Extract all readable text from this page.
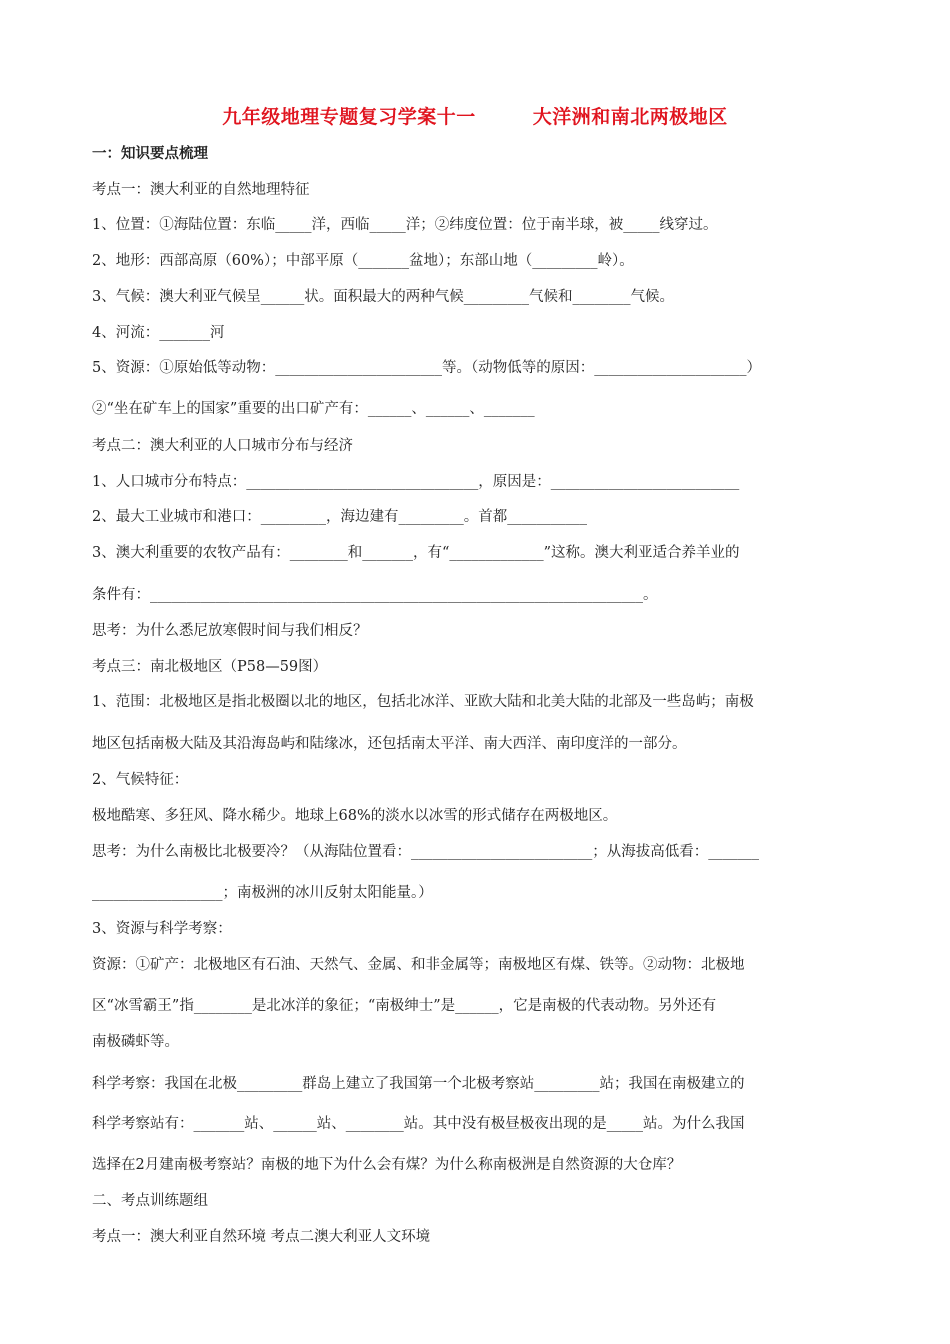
九年级地理专题复习学案十一        大洋洲和南北两极地区
一：知识要点梳理
考点一：澳大利亚的自然地理特征
1、位置：①海陆位置：东临_____洋，西临_____洋；②纬度位置：位于南半球，被_____线穿过。
2、地形：西部高原（60%）；中部平原（_______盆地）；东部山地（_________岭）。
3、气候：澳大利亚气候呈______状。面积最大的两种气候_________气候和________气候。
4、河流：_______河
5、资源：①原始低等动物：_______________________等。（动物低等的原因：_____________________）
②“坐在矿车上的国家”重要的出口矿产有：______、______、_______
考点二：澳大利亚的人口城市分布与经济
1、人口城市分布特点：________________________________，原因是：__________________________
2、最大工业城市和港口：_________，海边建有_________。首都___________
3、澳大利重要的农牧产品有：________和_______，有“_____________”这称。澳大利亚适合养羊业的
条件有：____________________________________________________________________。
思考：为什么悉尼放寒假时间与我们相反？
考点三：南北极地区（P58—59图）
1、范围：北极地区是指北极圈以北的地区，包括北冰洋、亚欧大陆和北美大陆的北部及一些岛屿；南极
地区包括南极大陆及其沿海岛屿和陆缘冰，还包括南太平洋、南大西洋、南印度洋的一部分。
2、气候特征：
极地酷寒、多狂风、降水稀少。地球上68%的淡水以冰雪的形式储存在两极地区。
思考：为什么南极比北极要冷？（从海陆位置看：_________________________；从海拔高低看：_______
__________________；南极洲的冰川反射太阳能量。）
3、资源与科学考察：
资源：①矿产：北极地区有石油、天然气、金属、和非金属等；南极地区有煤、铁等。②动物：北极地
区“冰雪霸王”指________是北冰洋的象征；“南极绅士”是______，它是南极的代表动物。另外还有
南极磷虾等。
科学考察：我国在北极_________群岛上建立了我国第一个北极考察站_________站；我国在南极建立的
科学考察站有：_______站、______站、________站。其中没有极昼极夜出现的是_____站。为什么我国
选择在2月建南极考察站？南极的地下为什么会有煤？为什么称南极洲是自然资源的大仓库？
二、考点训练题组
考点一：澳大利亚自然环境 考点二澳大利亚人文环境
